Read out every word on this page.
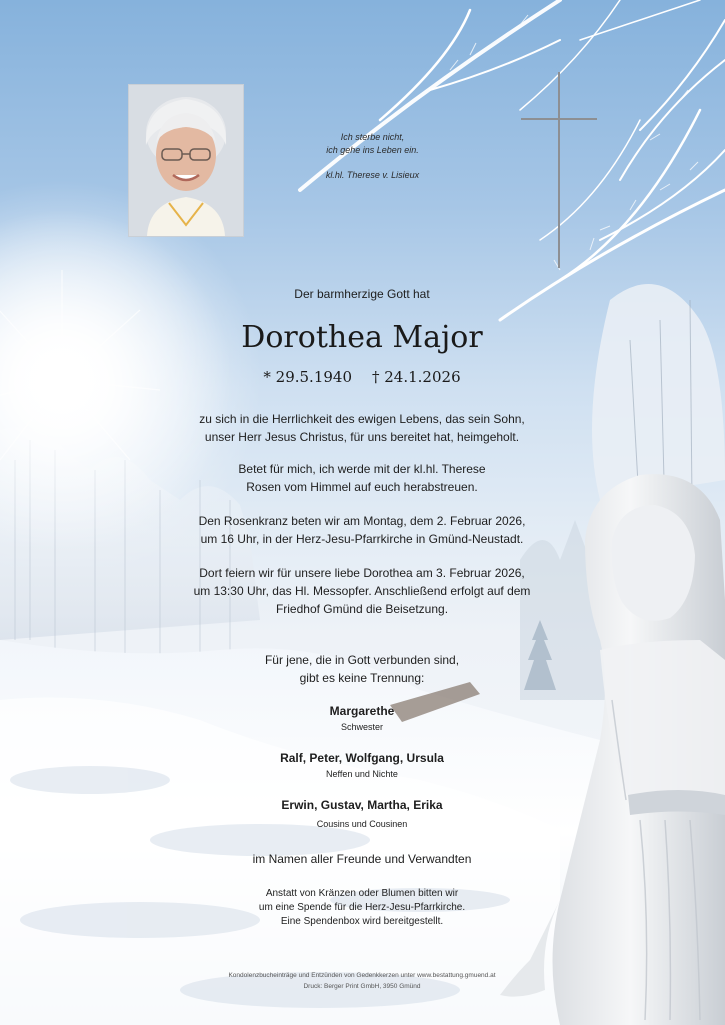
Ich sterbe nicht,
ich gehe ins Leben ein.
kl.hl. Therese v. Lisieux
Der barmherzige Gott hat
Dorothea Major
* 29.5.1940 † 24.1.2026
zu sich in die Herrlichkeit des ewigen Lebens, das sein Sohn,
unser Herr Jesus Christus, für uns bereitet hat, heimgeholt.
Betet für mich, ich werde mit der kl.hl. Therese
Rosen vom Himmel auf euch herabstreuen.
Den Rosenkranz beten wir am Montag, dem 2. Februar 2026,
um 16 Uhr, in der Herz-Jesu-Pfarrkirche in Gmünd-Neustadt.
Dort feiern wir für unsere liebe Dorothea am 3. Februar 2026,
um 13:30 Uhr, das Hl. Messopfer. Anschließend erfolgt auf dem
Friedhof Gmünd die Beisetzung.
Für jene, die in Gott verbunden sind,
gibt es keine Trennung:
Margarethe
Schwester
Ralf, Peter, Wolfgang, Ursula
Neffen und Nichte
Erwin, Gustav, Martha, Erika
Cousins und Cousinen
im Namen aller Freunde und Verwandten
Anstatt von Kränzen oder Blumen bitten wir
um eine Spende für die Herz-Jesu-Pfarrkirche.
Eine Spendenbox wird bereitgestellt.
Kondolenzbucheinträge und Entzünden von Gedenkkerzen unter www.bestattung.gmuend.at
Druck: Berger Print GmbH, 3950 Gmünd
